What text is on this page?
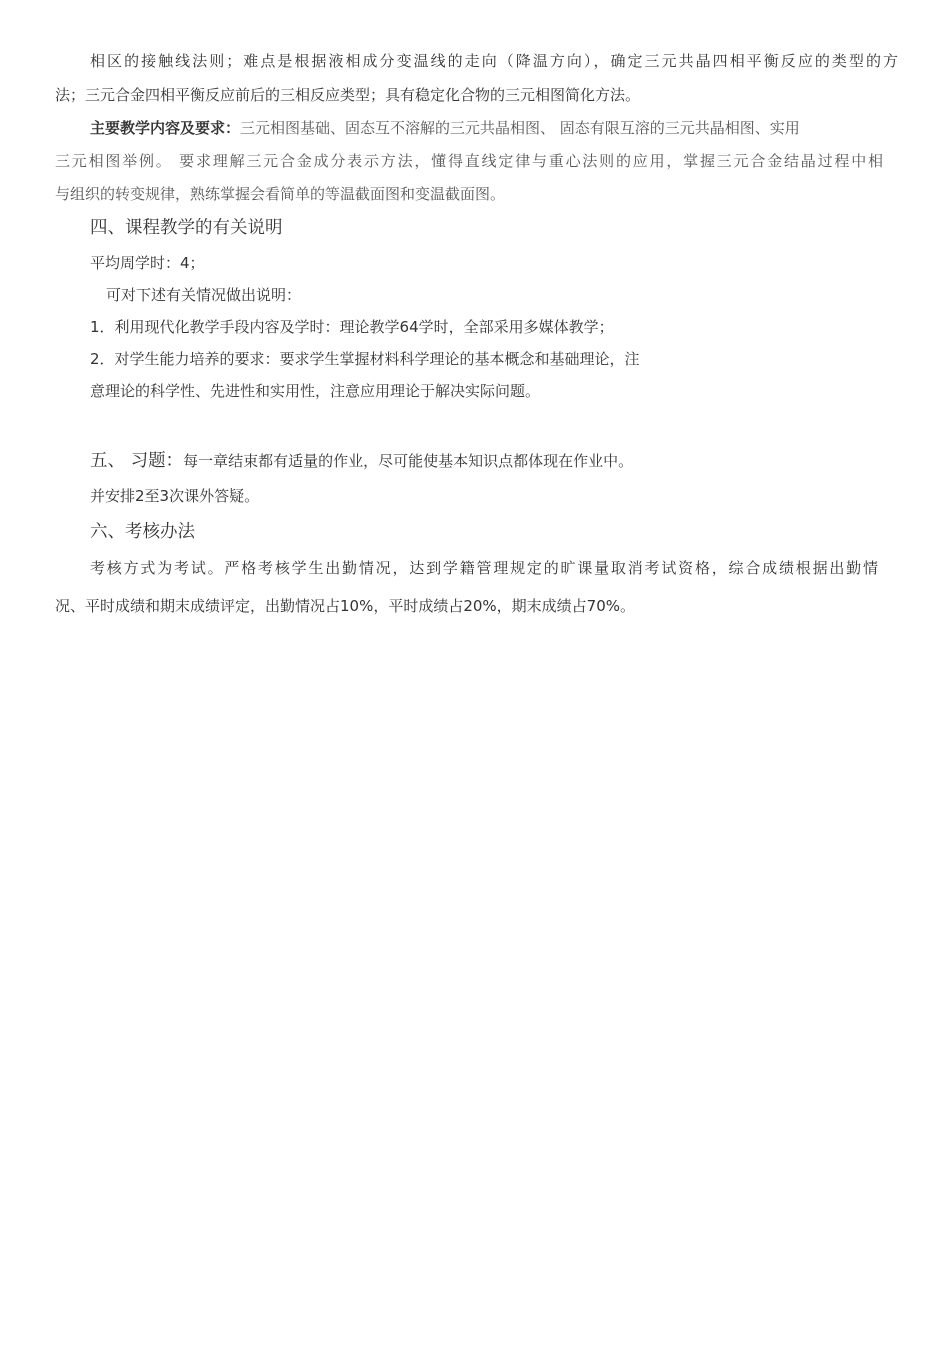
相区的接触线法则；难点是根据液相成分变温线的走向（降温方向），确定三元共晶四相平衡反应的类型的方
法；三元合金四相平衡反应前后的三相反应类型；具有稳定化合物的三元相图简化方法。
主要教学内容及要求：三元相图基础、固态互不溶解的三元共晶相图、 固态有限互溶的三元共晶相图、实用
三元相图举例。 要求理解三元合金成分表示方法，懂得直线定律与重心法则的应用，掌握三元合金结晶过程中相
与组织的转变规律，熟练掌握会看简单的等温截面图和变温截面图。
四、课程教学的有关说明
平均周学时：4；
可对下述有关情况做出说明：
1．利用现代化教学手段内容及学时：理论教学64学时，全部采用多媒体教学；
2．对学生能力培养的要求：要求学生掌握材料科学理论的基本概念和基础理论，注
意理论的科学性、先进性和实用性，注意应用理论于解决实际问题。
五、 习题：每一章结束都有适量的作业，尽可能使基本知识点都体现在作业中。
并安排2至3次课外答疑。
六、考核办法
考核方式为考试。严格考核学生出勤情况，达到学籍管理规定的旷课量取消考试资格，综合成绩根据出勤情
况、平时成绩和期末成绩评定，出勤情况占10%，平时成绩占20%，期末成绩占70%。
